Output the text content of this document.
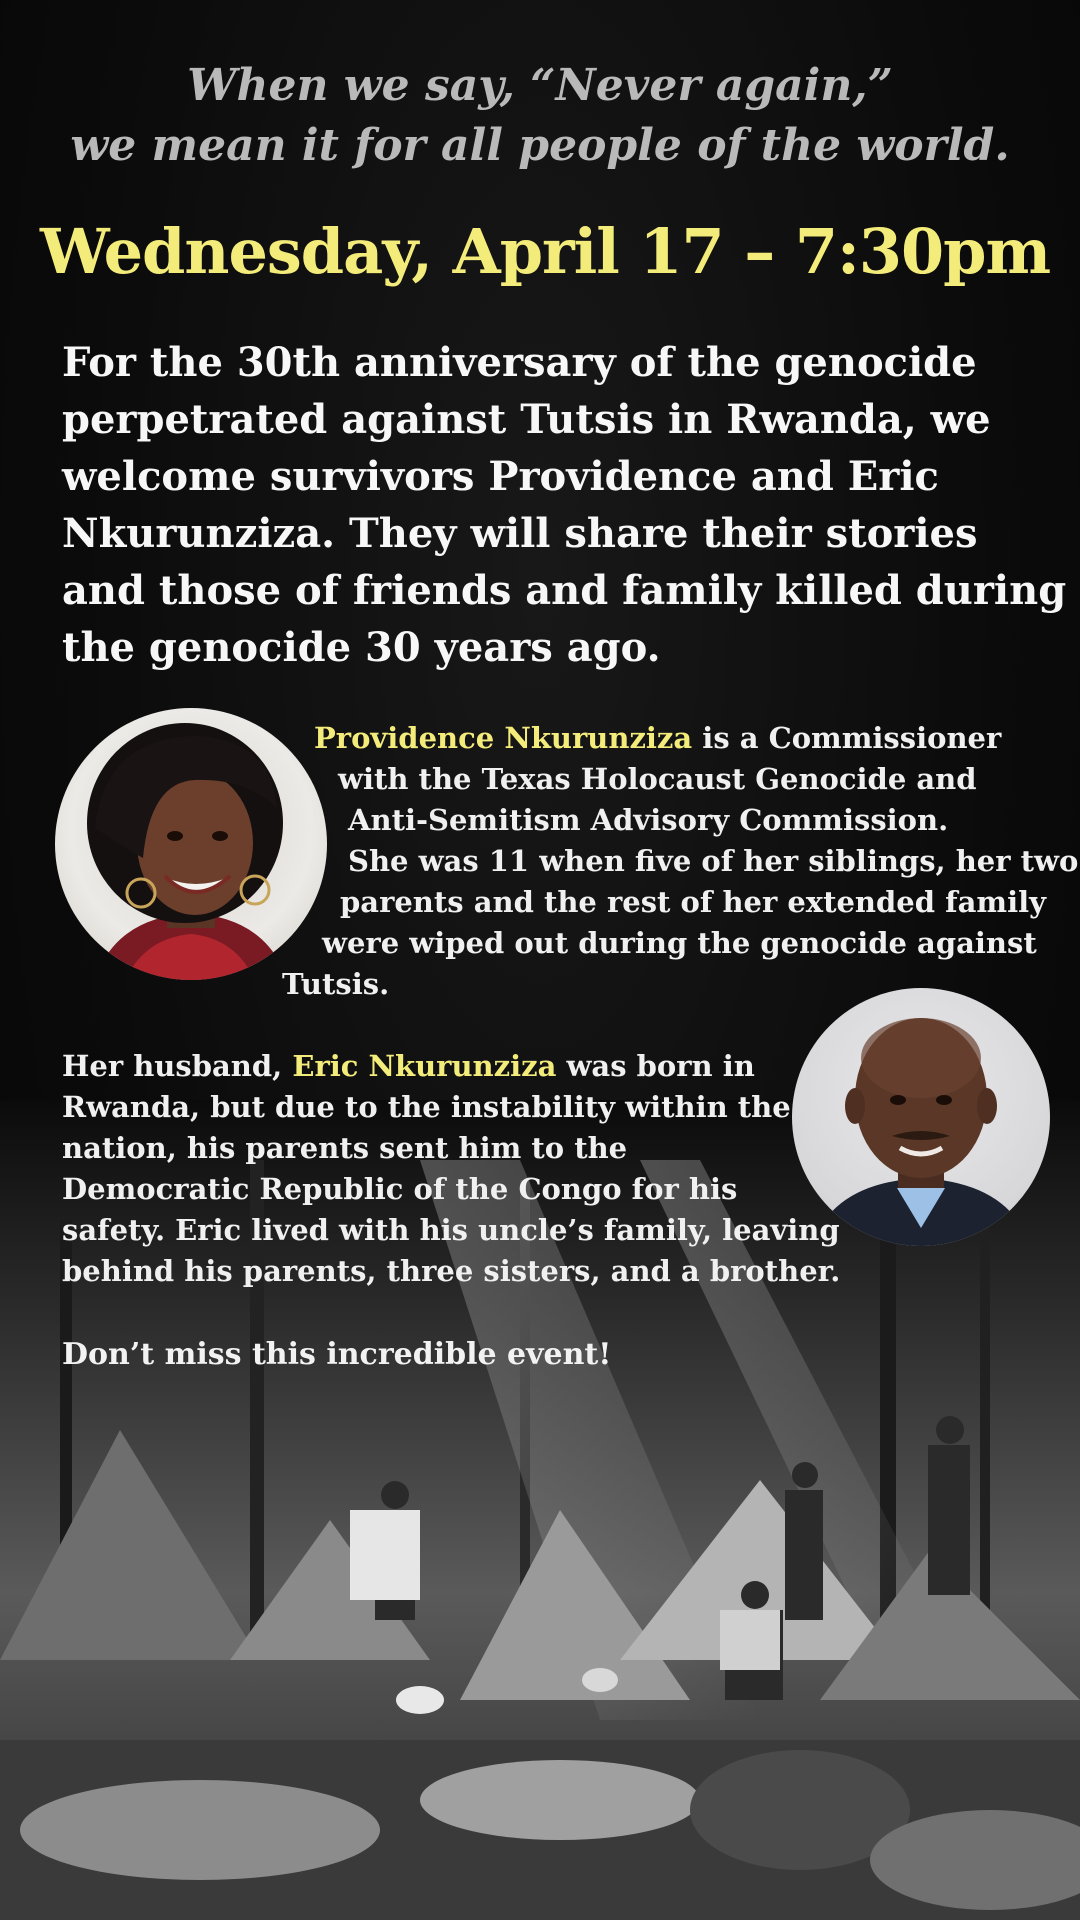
When we say, “Never again,”
we mean it for all people of the world.
Wednesday, April 17 – 7:30pm
For the 30th anniversary of the genocide perpetrated against Tutsis in Rwanda, we welcome survivors Providence and Eric Nkurunziza. They will share their stories and those of friends and family killed during the genocide 30 years ago.
Providence Nkurunziza is a Commissioner
with the Texas Holocaust Genocide and
Anti-Semitism Advisory Commission.
She was 11 when five of her siblings, her two
parents and the rest of her extended family
were wiped out during the genocide against
Tutsis.
Her husband, Eric Nkurunziza was born in
Rwanda, but due to the instability within the
nation, his parents sent him to the
Democratic Republic of the Congo for his
safety. Eric lived with his uncle’s family, leaving
behind his parents, three sisters, and a brother.
Don’t miss this incredible event!
